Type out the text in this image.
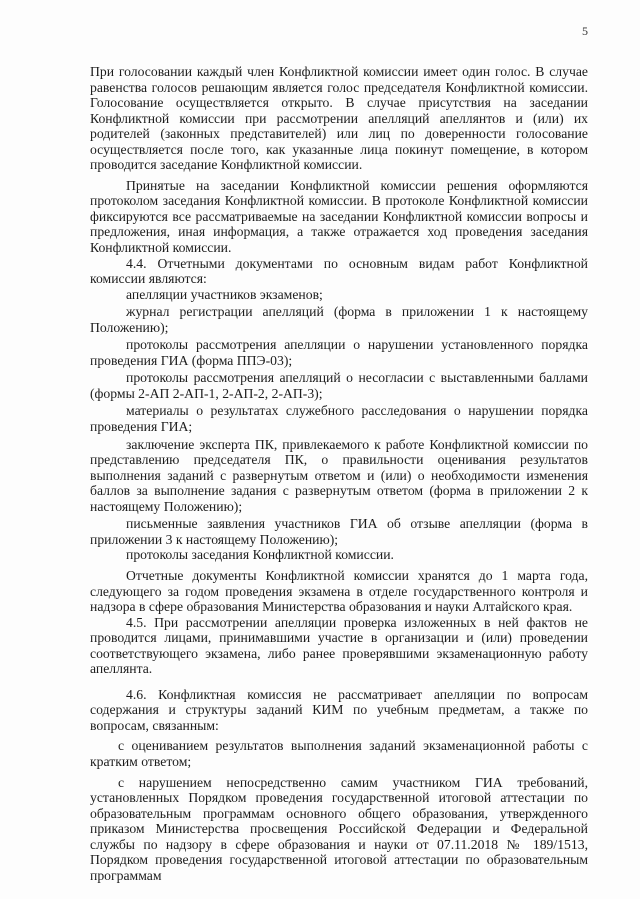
5

При голосовании каждый член Конфликтной комиссии имеет один голос. В случае равенства голосов решающим является голос председателя Конфликтной комиссии. Голосование осуществляется открыто. В случае присутствия на заседании Конфликтной комиссии при рассмотрении апелляций апеллянтов и (или) их родителей (законных представителей) или лиц по доверенности голосование осуществляется после того, как указанные лица покинут помещение, в котором проводится заседание Конфликтной комиссии.

Принятые на заседании Конфликтной комиссии решения оформляются протоколом заседания Конфликтной комиссии. В протоколе Конфликтной комиссии фиксируются все рассматриваемые на заседании Конфликтной комиссии вопросы и предложения, иная информация, а также отражается ход проведения заседания Конфликтной комиссии.

4.4. Отчетными документами по основным видам работ Конфликтной комиссии являются:

апелляции участников экзаменов;

журнал регистрации апелляций (форма в приложении 1 к настоящему Положению);

протоколы рассмотрения апелляции о нарушении установленного порядка проведения ГИА (форма ППЭ-03);

протоколы рассмотрения апелляций о несогласии с выставленными баллами (формы 2-АП 2-АП-1, 2-АП-2, 2-АП-3);

материалы о результатах служебного расследования о нарушении порядка проведения ГИА;

заключение эксперта ПК, привлекаемого к работе Конфликтной комиссии по представлению председателя ПК, о правильности оценивания результатов выполнения заданий с развернутым ответом и (или) о необходимости изменения баллов за выполнение задания с развернутым ответом (форма в приложении 2 к настоящему Положению);

письменные заявления участников ГИА об отзыве апелляции (форма в приложении 3 к настоящему Положению);

протоколы заседания Конфликтной комиссии.

Отчетные документы Конфликтной комиссии хранятся до 1 марта года, следующего за годом проведения экзамена в отделе государственного контроля и надзора в сфере образования Министерства образования и науки Алтайского края.

4.5. При рассмотрении апелляции проверка изложенных в ней фактов не проводится лицами, принимавшими участие в организации и (или) проведении соответствующего экзамена, либо ранее проверявшими экзаменационную работу апеллянта.

4.6. Конфликтная комиссия не рассматривает апелляции по вопросам содержания и структуры заданий КИМ по учебным предметам, а также по вопросам, связанным:

с оцениванием результатов выполнения заданий экзаменационной работы с кратким ответом;

с нарушением непосредственно самим участником ГИА требований, установленных Порядком проведения государственной итоговой аттестации по образовательным программам основного общего образования, утвержденного приказом Министерства просвещения Российской Федерации и Федеральной службы по надзору в сфере образования и науки от 07.11.2018 № 189/1513, Порядком проведения государственной итоговой аттестации по образовательным программам
